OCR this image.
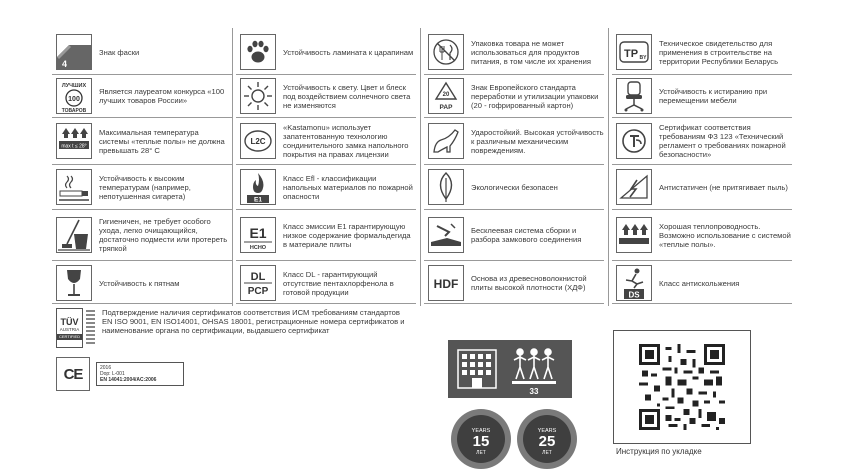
4
Знак фаски
ЛУЧШИХ
100
ТОВАРОВ
Является лауреатом конкурса «100 лучших товаров России»
max t ≤ 28°
Максимальная температура системы «теплые полы» не должна превышать 28° С
Устойчивость к высоким температурам (например, непотушенная сигарета)
Гигиеничен, не требует особого ухода, легко очищающийся, достаточно подмести или протереть тряпкой
Устойчивость к пятнам
Устойчивость ламината к царапинам
Устойчивость к свету. Цвет и блеск под воздействием солнечного света не изменяются
L2C
«Kastamonu» использует запатентованную технологию сондинительного замка напольного покрытия на правах лицензии
E1
Класс Efl - классификации напольных материалов по пожарной опасности
E1
HCHO
Класс эмиссии E1 гарантирующую низкое содержание формальдегида в материале плиты
DL
PCP
Класс DL - гарантирующий отсутствие пентахлорфенола в готовой продукции
Упаковка товара не может использоваться для продуктов питания, в том числе их хранения
20
PAP
Знак Европейского стандарта переработки и утилизации упаковки (20 - гофрированный картон)
Ударостойкий. Высокая устойчивость к различным механическим повреждениям.
Экологически безопасен
Бесклеевая система сборки и разбора замкового соединения
HDF Основа из древесноволокнистой плиты высокой плотности (ХДФ)
TP BY
Техническое свидетельство для применения в строительстве на территории Республики Беларусь
Устойчивость к истиранию при перемещении мебели
Сертификат соответствия требованиям ФЗ 123 «Технический регламент о требованиях пожарной безопасности»
Антистатичен (не притягивает пыль)
Хорошая теплопроводность. Возможно использование с системой «теплые полы».
DS
Класс антискольжения
TÜV
AUSTRIA
CERTIFIED
Подтверждение наличия сертификатов соответствия ИСМ требованиям стандартов EN ISO 9001, EN ISO14001, OHSAS 18001, регистрационные номера сертификатов и наименование органа по сертификации, выдавшего сертификат
CE	2016
Dop: L-001
EN 14041:2004/AC:2006
33
YEARS
15
ЛЕТ
YEARS
25
ЛЕТ	Инструкция по укладке
